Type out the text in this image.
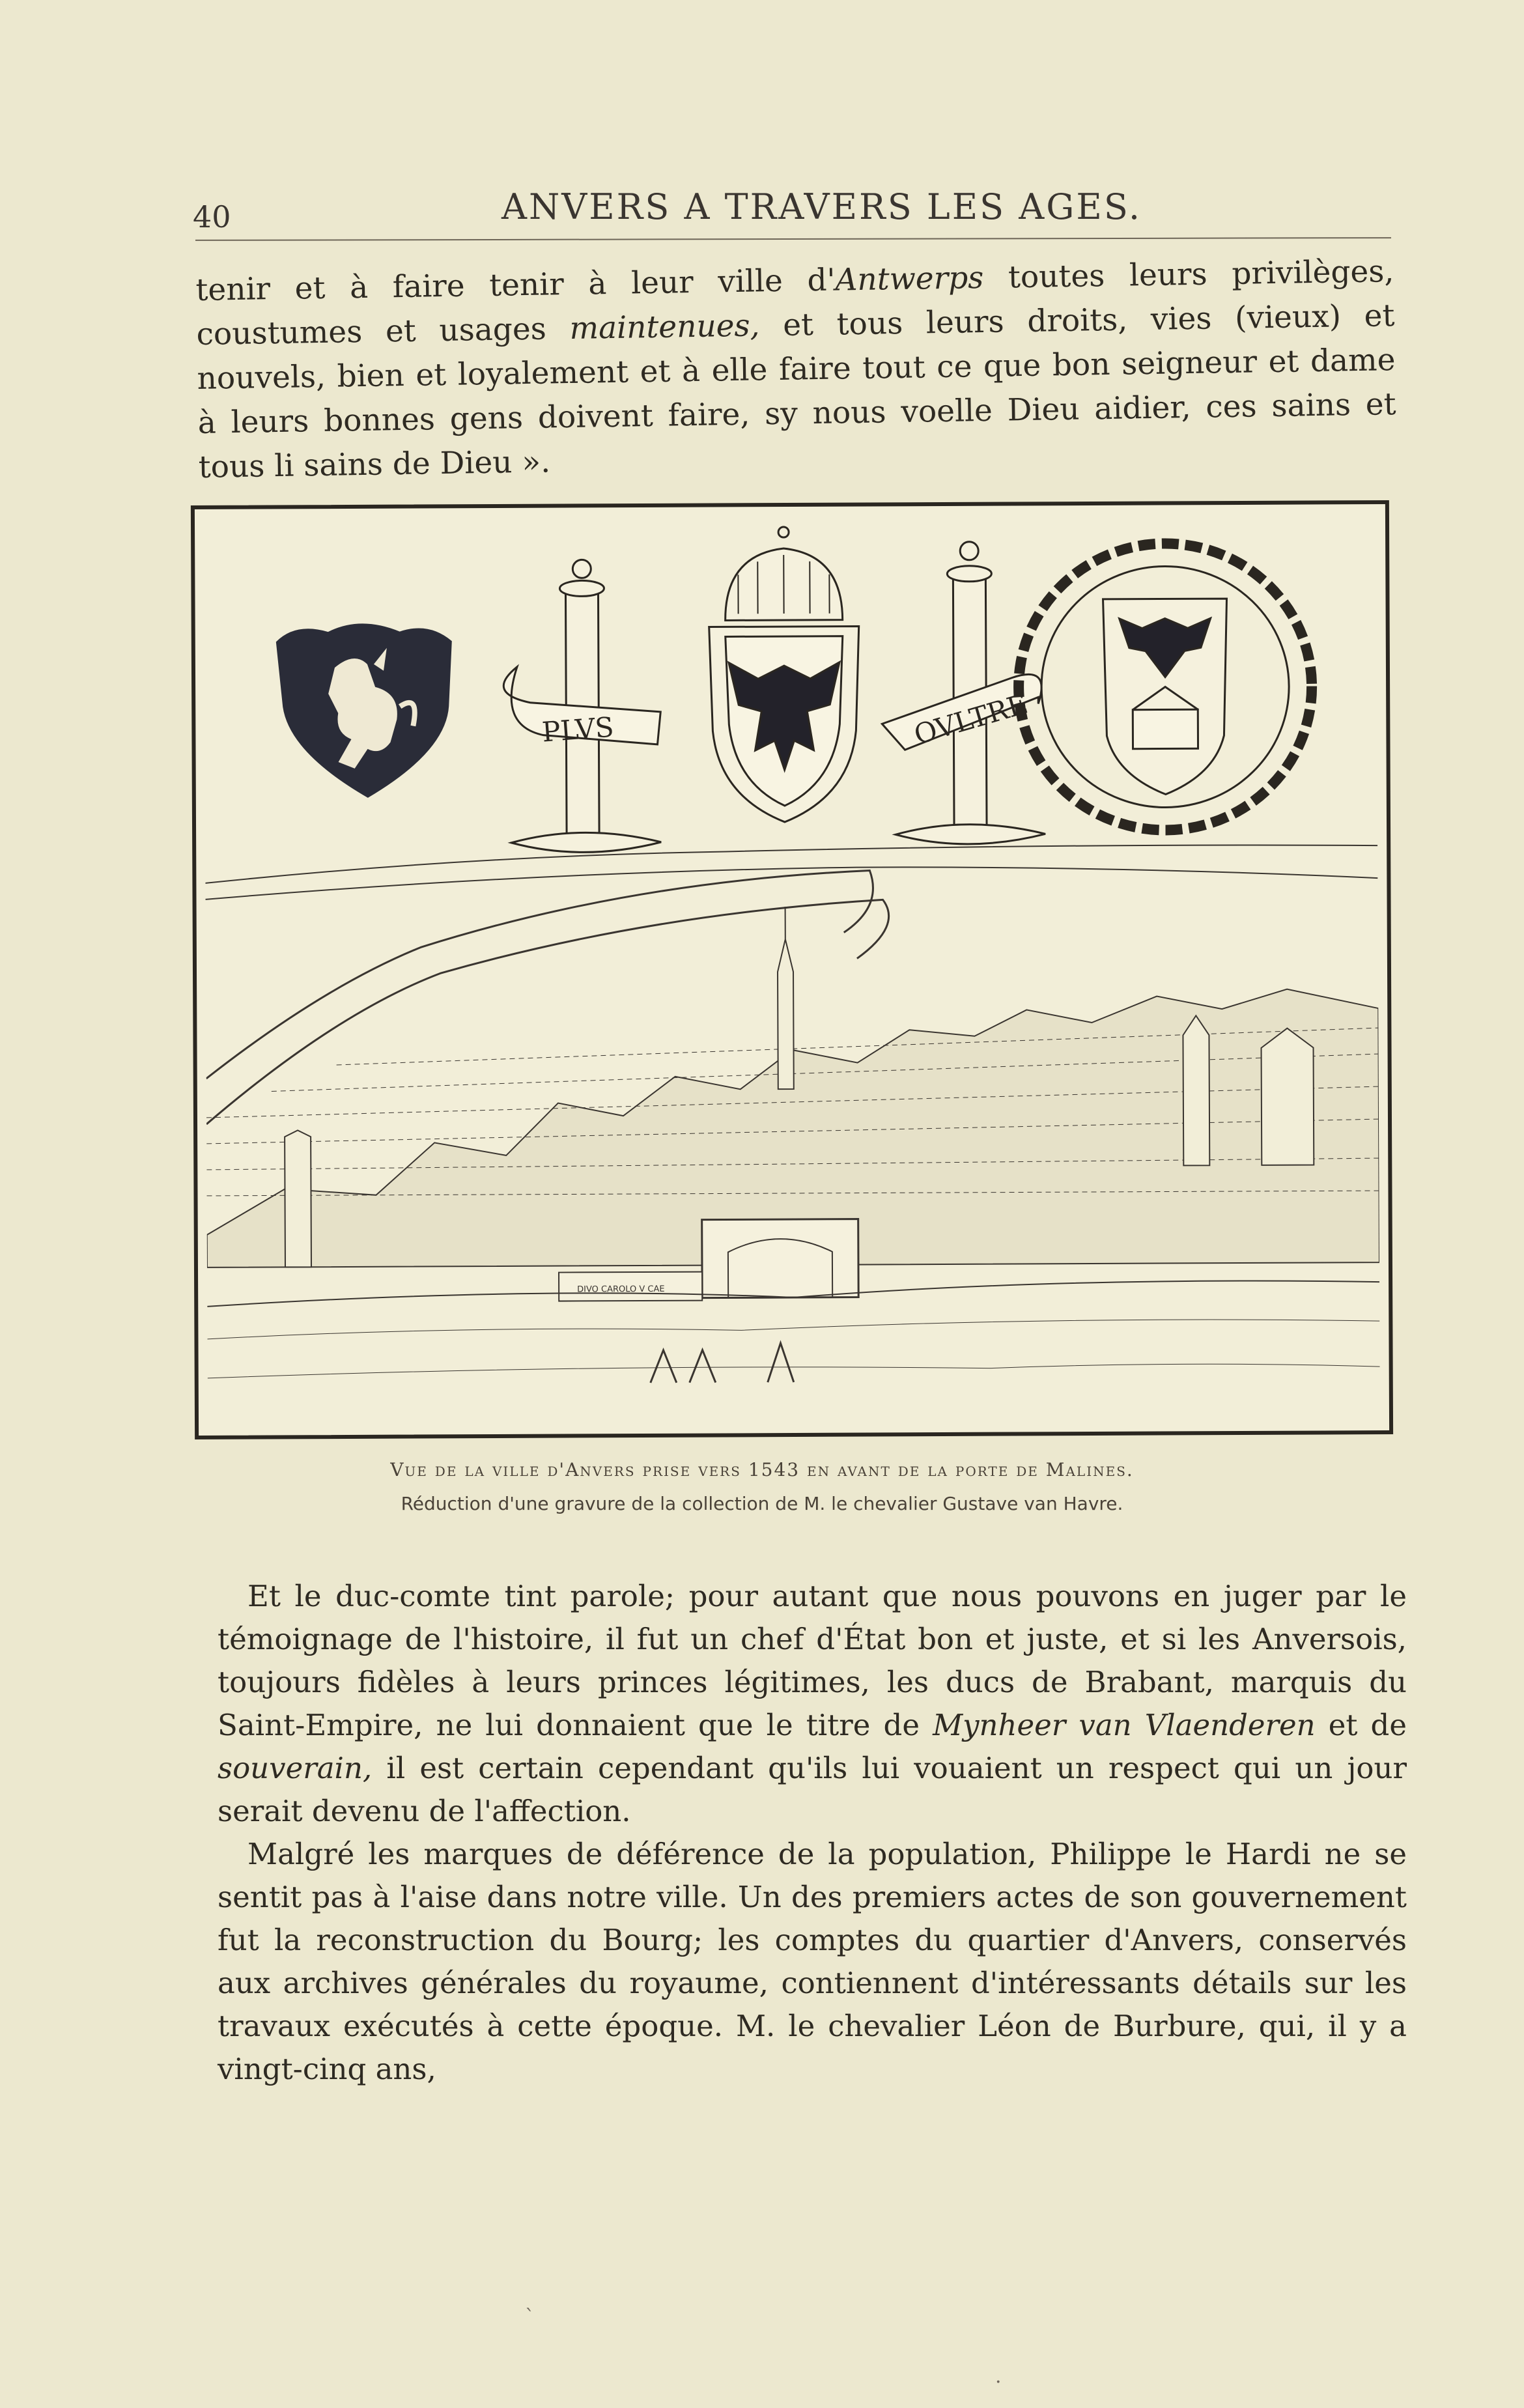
40	ANVERS A TRAVERS LES AGES.

tenir et à faire tenir à leur ville d'Antwerps toutes leurs privilèges, coustumes et usages maintenues, et tous leurs droits, vies (vieux) et nouvels, bien et loyalement et à elle faire tout ce que bon seigneur et dame à leurs bonnes gens doivent faire, sy nous voelle Dieu aidier, ces sains et tous li sains de Dieu ».

PLVS	OVLTRE
DIVO CAROLO V CAE
Vue de la ville d'Anvers prise vers 1543 en avant de la porte de Malines.
Réduction d'une gravure de la collection de M. le chevalier Gustave van Havre.

Et le duc-comte tint parole; pour autant que nous pouvons en juger par le témoignage de l'histoire, il fut un chef d'État bon et juste, et si les Anversois, toujours fidèles à leurs princes légitimes, les ducs de Brabant, marquis du Saint-Empire, ne lui donnaient que le titre de Mynheer van Vlaenderen et de souverain, il est certain cependant qu'ils lui vouaient un respect qui un jour serait devenu de l'affection.

Malgré les marques de déférence de la population, Philippe le Hardi ne se sentit pas à l'aise dans notre ville. Un des premiers actes de son gouvernement fut la reconstruction du Bourg; les comptes du quartier d'Anvers, conservés aux archives générales du royaume, contiennent d'intéressants détails sur les travaux exécutés à cette époque. M. le chevalier Léon de Burbure, qui, il y a vingt-cinq ans,

ˋ
·
